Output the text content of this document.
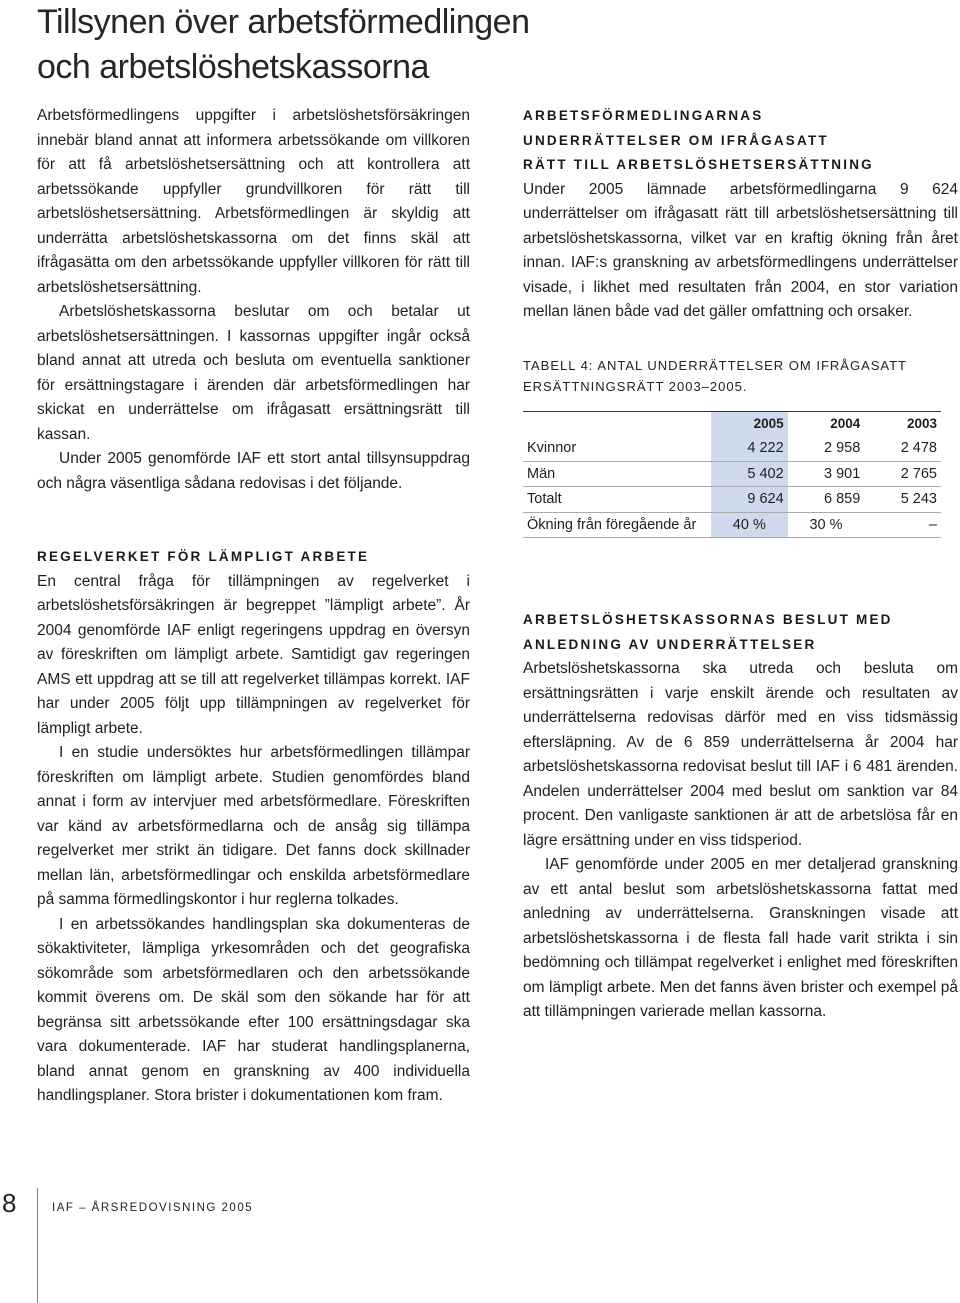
Tillsynen över arbetsförmedlingen
och arbetslöshetskassorna

Arbetsförmedlingens uppgifter i arbetslöshetsförsäkringen innebär bland annat att informera arbetssökande om villkoren för att få arbetslöshetsersättning och att kontrollera att arbetssökande uppfyller grundvillkoren för rätt till arbetslöshetsersättning. Arbetsförmedlingen är skyldig att underrätta arbetslöshetskassorna om det finns skäl att ifrågasätta om den arbetssökande uppfyller villkoren för rätt till arbetslöshetsersättning.

Arbetslöshetskassorna beslutar om och betalar ut arbetslöshetsersättningen. I kassornas uppgifter ingår också bland annat att utreda och besluta om eventuella sanktioner för ersättningstagare i ärenden där arbetsförmedlingen har skickat en underrättelse om ifrågasatt ersättningsrätt till kassan.

Under 2005 genomförde IAF ett stort antal tillsynsuppdrag och några väsentliga sådana redovisas i det följande.

REGELVERKET FÖR LÄMPLIGT ARBETE

En central fråga för tillämpningen av regelverket i arbetslöshetsförsäkringen är begreppet ”lämpligt arbete”. År 2004 genomförde IAF enligt regeringens uppdrag en översyn av föreskriften om lämpligt arbete. Samtidigt gav regeringen AMS ett uppdrag att se till att regelverket tillämpas korrekt. IAF har under 2005 följt upp tillämpningen av regelverket för lämpligt arbete.

I en studie undersöktes hur arbetsförmedlingen tillämpar föreskriften om lämpligt arbete. Studien genomfördes bland annat i form av intervjuer med arbetsförmedlare. Föreskriften var känd av arbetsförmedlarna och de ansåg sig tillämpa regelverket mer strikt än tidigare. Det fanns dock skillnader mellan län, arbetsförmedlingar och enskilda arbetsförmedlare på samma förmedlingskontor i hur reglerna tolkades.

I en arbetssökandes handlingsplan ska dokumenteras de sökaktiviteter, lämpliga yrkesområden och det geografiska sökområde som arbetsförmedlaren och den arbetssökande kommit överens om. De skäl som den sökande har för att begränsa sitt arbetssökande efter 100 ersättningsdagar ska vara dokumenterade. IAF har studerat handlingsplanerna, bland annat genom en granskning av 400 individuella handlingsplaner. Stora brister i dokumentationen kom fram.

ARBETSFÖRMEDLINGARNAS
UNDERRÄTTELSER OM IFRÅGASATT
RÄTT TILL ARBETSLÖSHETSERSÄTTNING

Under 2005 lämnade arbetsförmedlingarna 9 624 underrättelser om ifrågasatt rätt till arbetslöshetsersättning till arbetslöshetskassorna, vilket var en kraftig ökning från året innan. IAF:s granskning av arbetsförmedlingens underrättelser visade, i likhet med resultaten från 2004, en stor variation mellan länen både vad det gäller omfattning och orsaker.

TABELL 4: ANTAL UNDERRÄTTELSER OM IFRÅGASATT
ERSÄTTNINGSRÄTT 2003–2005.
	2005	2004	2003
Kvinnor	4 222	2 958	2 478
Män	5 402	3 901	2 765
Totalt	9 624	6 859	5 243
Ökning från föregående år	40 %	30 %	–
ARBETSLÖSHETSKASSORNAS BESLUT MED
ANLEDNING AV UNDERRÄTTELSER

Arbetslöshetskassorna ska utreda och besluta om ersättningsrätten i varje enskilt ärende och resultaten av underrättelserna redovisas därför med en viss tidsmässig eftersläpning. Av de 6 859 underrättelserna år 2004 har arbetslöshetskassorna redovisat beslut till IAF i 6 481 ärenden. Andelen underrättelser 2004 med beslut om sanktion var 84 procent. Den vanligaste sanktionen är att de arbetslösa får en lägre ersättning under en viss tidsperiod.

IAF genomförde under 2005 en mer detaljerad granskning av ett antal beslut som arbetslöshetskassorna fattat med anledning av underrättelserna. Granskningen visade att arbetslöshetskassorna i de flesta fall hade varit strikta i sin bedömning och tillämpat regelverket i enlighet med föreskriften om lämpligt arbete. Men det fanns även brister och exempel på att tillämpningen varierade mellan kassorna.

8	IAF – ÅRSREDOVISNING 2005
